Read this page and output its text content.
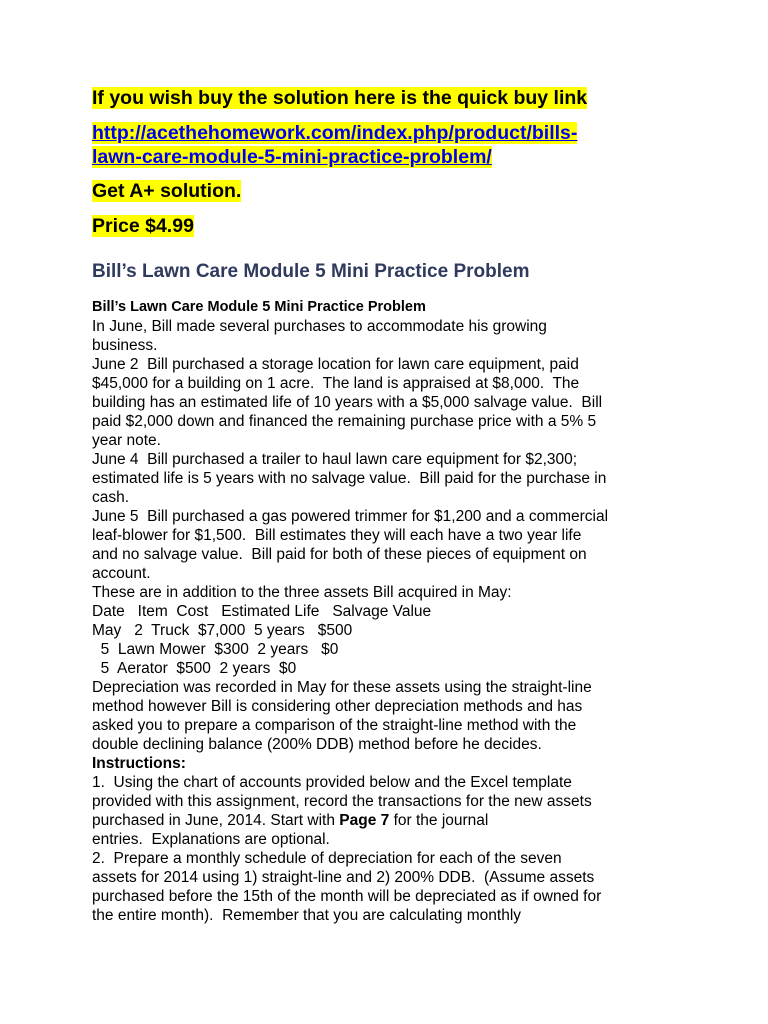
If you wish buy the solution here is the quick buy link
http://acethehomework.com/index.php/product/bills-
lawn-care-module-5-mini-practice-problem/
Get A+ solution.
Price $4.99
Bill’s Lawn Care Module 5 Mini Practice Problem
Bill’s Lawn Care Module 5 Mini Practice Problem
In June, Bill made several purchases to accommodate his growing
business.
June 2  Bill purchased a storage location for lawn care equipment, paid
$45,000 for a building on 1 acre.  The land is appraised at $8,000.  The
building has an estimated life of 10 years with a $5,000 salvage value.  Bill
paid $2,000 down and financed the remaining purchase price with a 5% 5
year note.
June 4  Bill purchased a trailer to haul lawn care equipment for $2,300;
estimated life is 5 years with no salvage value.  Bill paid for the purchase in
cash.
June 5  Bill purchased a gas powered trimmer for $1,200 and a commercial
leaf-blower for $1,500.  Bill estimates they will each have a two year life
and no salvage value.  Bill paid for both of these pieces of equipment on
account.
These are in addition to the three assets Bill acquired in May:
Date   Item  Cost   Estimated Life   Salvage Value
May   2  Truck  $7,000  5 years   $500
5  Lawn Mower  $300  2 years   $0
5  Aerator  $500  2 years  $0
Depreciation was recorded in May for these assets using the straight-line
method however Bill is considering other depreciation methods and has
asked you to prepare a comparison of the straight-line method with the
double declining balance (200% DDB) method before he decides.
Instructions:
1.  Using the chart of accounts provided below and the Excel template
provided with this assignment, record the transactions for the new assets
purchased in June, 2014. Start with Page 7 for the journal
entries.  Explanations are optional.
2.  Prepare a monthly schedule of depreciation for each of the seven
assets for 2014 using 1) straight-line and 2) 200% DDB.  (Assume assets
purchased before the 15th of the month will be depreciated as if owned for
the entire month).  Remember that you are calculating monthly
